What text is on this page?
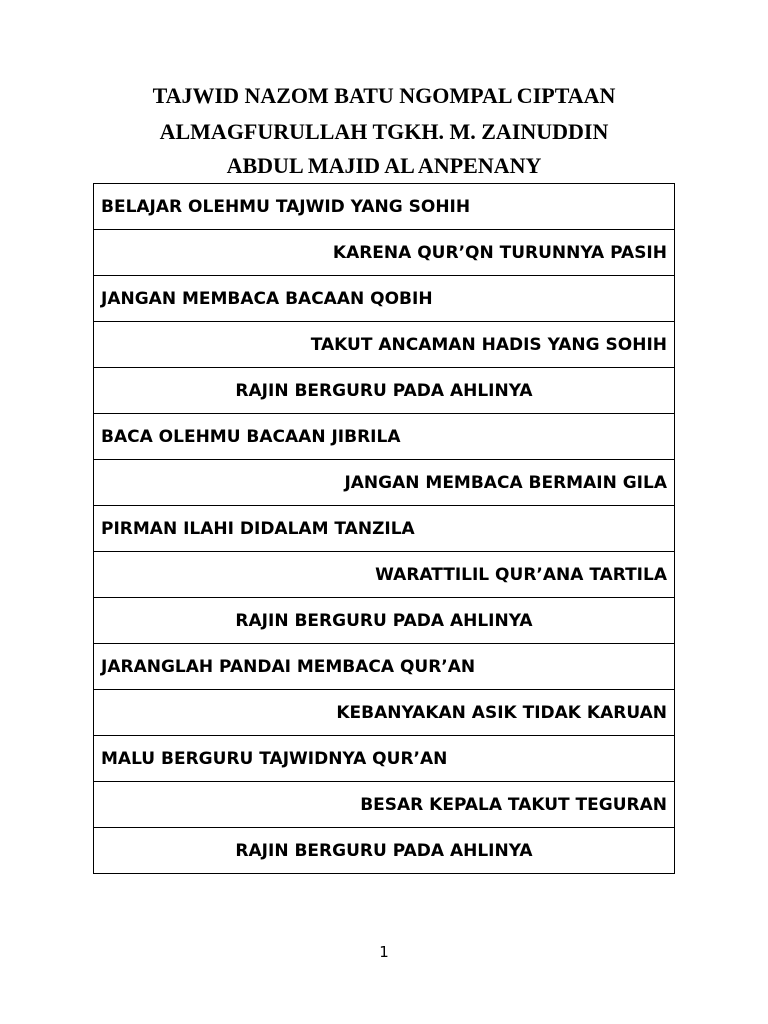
TAJWID NAZOM BATU NGOMPAL CIPTAAN
ALMAGFURULLAH TGKH. M. ZAINUDDIN
ABDUL MAJID AL ANPENANY
BELAJAR OLEHMU TAJWID YANG SOHIH
KARENA QUR’QN TURUNNYA PASIH
JANGAN MEMBACA BACAAN QOBIH
TAKUT ANCAMAN HADIS YANG SOHIH
RAJIN BERGURU PADA AHLINYA
BACA OLEHMU BACAAN JIBRILA
JANGAN MEMBACA BERMAIN GILA
PIRMAN ILAHI DIDALAM TANZILA
WARATTILIL QUR’ANA TARTILA
RAJIN BERGURU PADA AHLINYA
JARANGLAH PANDAI MEMBACA QUR’AN
KEBANYAKAN ASIK TIDAK KARUAN
MALU BERGURU TAJWIDNYA QUR’AN
BESAR KEPALA TAKUT TEGURAN
RAJIN BERGURU PADA AHLINYA
1
